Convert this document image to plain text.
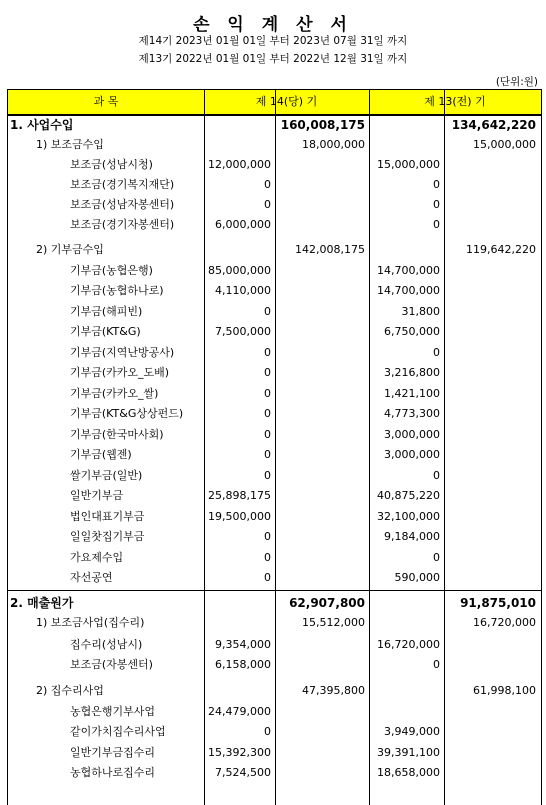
손 익 계 산 서
제14기 2023년 01월 01일 부터 2023년 07월 31일 까지
제13기 2022년 01월 01일 부터 2022년 12월 31일 까지
(단위:원)
과 목	제 14(당) 기	제 13(전) 기
1. 사업수입	160,008,175	134,642,220
1) 보조금수입	18,000,000	15,000,000
보조금(성남시청)	12,000,000	15,000,000
보조금(경기복지재단)	0	0
보조금(성남자봉센터)	0	0
보조금(경기자봉센터)	6,000,000	0
2) 기부금수입	142,008,175	119,642,220
기부금(농협은행)	85,000,000	14,700,000
기부금(농협하나로)	4,110,000	14,700,000
기부금(해피빈)	0	31,800
기부금(KT&G)	7,500,000	6,750,000
기부금(지역난방공사)	0	0
기부금(카카오_도배)	0	3,216,800
기부금(카카오_쌀)	0	1,421,100
기부금(KT&G상상펀드)	0	4,773,300
기부금(한국마사회)	0	3,000,000
기부금(웹젠)	0	3,000,000
쌀기부금(일반)	0	0
일반기부금	25,898,175	40,875,220
법인대표기부금	19,500,000	32,100,000
일일찻집기부금	0	9,184,000
가요제수입	0	0
자선공연	0	590,000
2. 매출원가	62,907,800	91,875,010
1) 보조금사업(집수리)	15,512,000	16,720,000
집수리(성남시)	9,354,000	16,720,000
보조금(자봉센터)	6,158,000	0
2) 집수리사업	47,395,800	61,998,100
농협은행기부사업	24,479,000
같이가치집수리사업	0	3,949,000
일반기부금집수리	15,392,300	39,391,100
농협하나로집수리	7,524,500	18,658,000
